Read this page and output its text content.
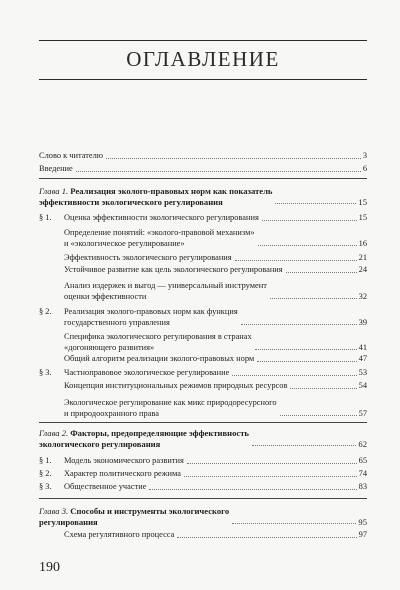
ОГЛАВЛЕНИЕ
Слово к читателю	3
Введение	6
Глава 1. Реализация эколого-правовых норм как показатель
эффективности экологического регулирования	15
§ 1. Оценка эффективности экологического регулирования	15
Определение понятий: «эколого-правовой механизм»
и «экологическое регулирование»	16
Эффективность экологического регулирования	21
Устойчивое развитие как цель экологического регулирования	24
Анализ издержек и выгод — универсальный инструмент
оценки эффективности	32
§ 2. Реализация эколого-правовых норм как функция
государственного управления	39
Специфика экологического регулирования в странах
«догоняющего развития»	41
Общий алгоритм реализации эколого-правовых норм	47
§ 3. Частноправовое экологическое регулирование	53
Концепция институциональных режимов природных ресурсов	54
Экологическое регулирование как микс природоресурсного
и природоохранного права	57
Глава 2. Факторы, предопределяющие эффективность
экологического регулирования	62
§ 1. Модель экономического развития	65
§ 2. Характер политического режима	74
§ 3. Общественное участие	83
Глава 3. Способы и инструменты экологического
регулирования	95
Схема регулятивного процесса	97
190
